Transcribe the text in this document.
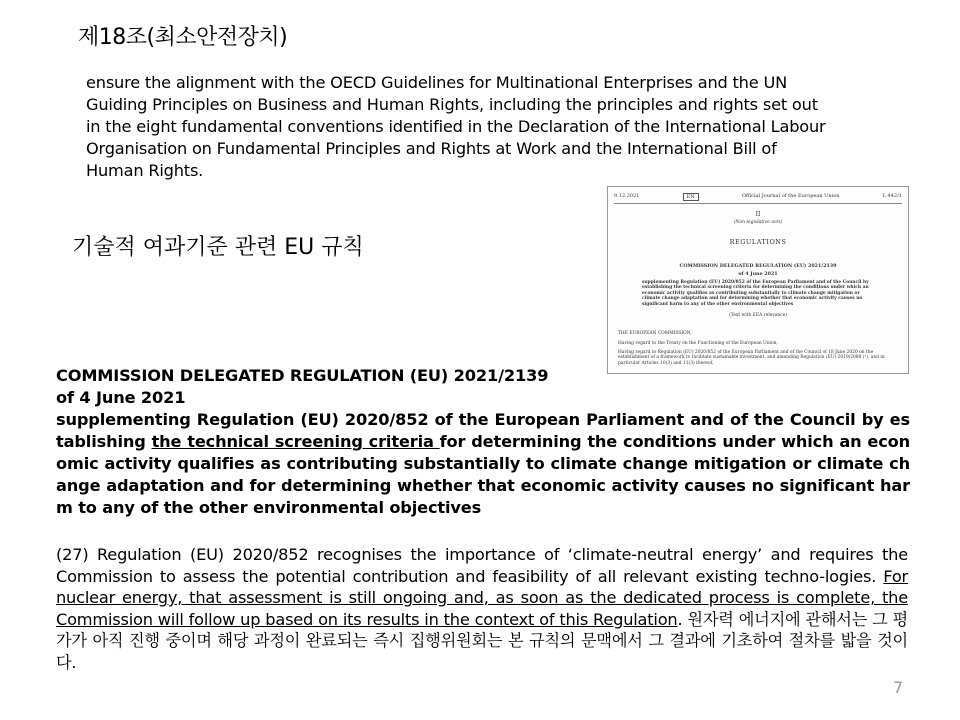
제18조(최소안전장치)
ensure the alignment with the OECD Guidelines for Multinational Enterprises and the UN Guiding Principles on Business and Human Rights, including the principles and rights set out in the eight fundamental conventions identified in the Declaration of the International Labour Organisation on Fundamental Principles and Rights at Work and the International Bill of Human Rights.
기술적 여과기준 관련 EU 규칙
9.12.2021	EN	Official Journal of the European Union	L 442/1
II
(Non-legislative acts)
REGULATIONS
COMMISSION DELEGATED REGULATION (EU) 2021/2139
of 4 June 2021
supplementing Regulation (EU) 2020/852 of the European Parliament and of the Council by establishing the technical screening criteria for determining the conditions under which an economic activity qualifies as contributing substantially to climate change mitigation or climate change adaptation and for determining whether that economic activity causes no significant harm to any of the other environmental objectives
(Text with EEA relevance)
THE EUROPEAN COMMISSION,
Having regard to the Treaty on the Functioning of the European Union,
Having regard to Regulation (EU) 2020/852 of the European Parliament and of the Council of 18 June 2020 on the establishment of a framework to facilitate sustainable investment, and amending Regulation (EU) 2019/2088 (¹), and in particular Articles 10(3) and 11(3) thereof,

COMMISSION DELEGATED REGULATION (EU) 2021/2139

of 4 June 2021

supplementing Regulation (EU) 2020/852 of the European Parliament and of the Council by es tablishing the technical screening criteria for determining the conditions under which an econ omic activity qualifies as contributing substantially to climate change mitigation or climate ch ange adaptation and for determining whether that economic activity causes no significant har m to any of the other environmental objectives

(27) Regulation (EU) 2020/852 recognises the importance of ‘climate-neutral energy’ and requires the Commission to assess the potential contribution and feasibility of all relevant existing techno-logies. For nuclear energy, that assessment is still ongoing and, as soon as the dedicated process is complete, the Commission will follow up based on its results in the context of this Regulation. 원자력 에너지에 관해서는 그 평가가 아직 진행 중이며 해당 과정이 완료되는 즉시 집행위원회는 본 규칙의 문맥에서 그 결과에 기초하여 절차를 밟을 것이다.

7
